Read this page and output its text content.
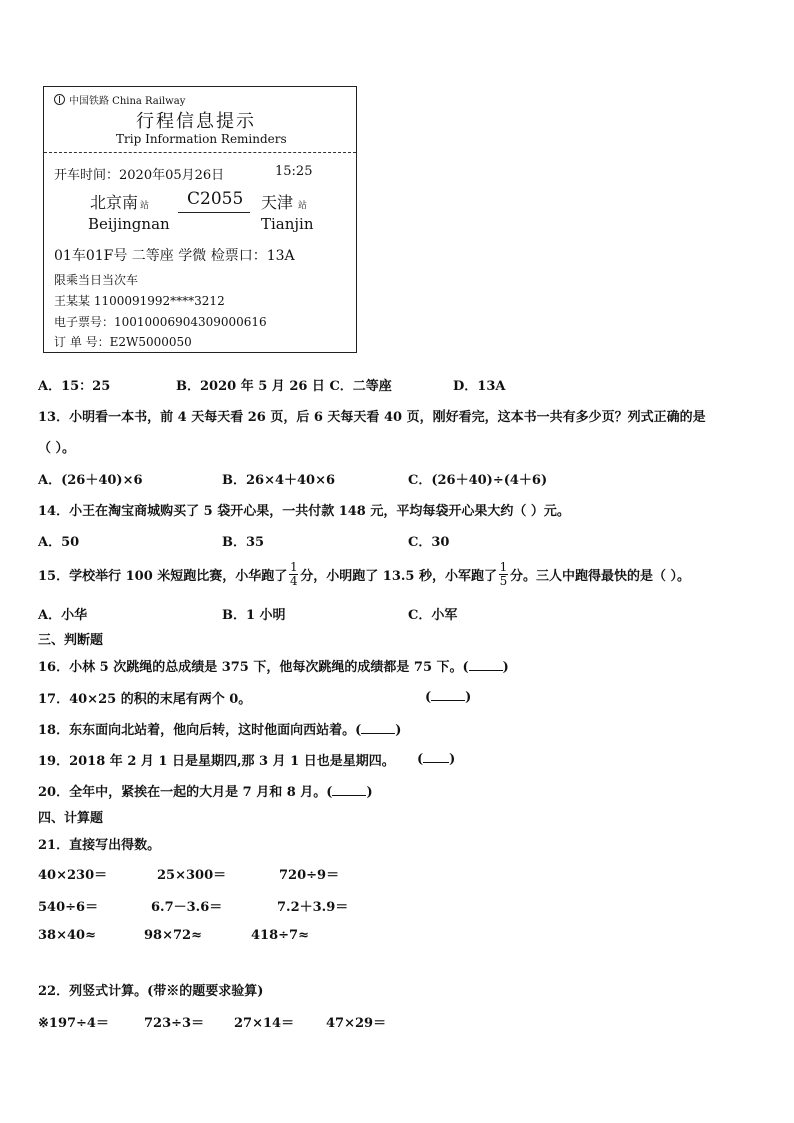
中国铁路 China Railway
行程信息提示
Trip Information Reminders
开车时间：2020年05月26日	15:25
北京南 站
Beijingnan
C2055 天津 站
Tianjin
01车01F号 二等座 学微 检票口：13A
限乘当日当次车
王某某 1100091992****3212
电子票号：10010006904309000616
订 单 号：E2W5000050
A．15：25	B．2020 年 5 月 26 日 C．二等座	D．13A
13．小明看一本书，前 4 天每天看 26 页，后 6 天每天看 40 页，刚好看完，这本书一共有多少页？列式正确的是
（ ）。
A．(26＋40)×6	B．26×4＋40×6	C．(26＋40)÷(4＋6)
14．小王在淘宝商城购买了 5 袋开心果，一共付款 148 元，平均每袋开心果大约（ ）元。
A．50	B．35	C．30
15．学校举行 100 米短跑比赛，小华跑了 $\frac{1}{4}$ 分，小明跑了 13.5 秒，小军跑了 $\frac{1}{5}$ 分。三人中跑得最快的是（ ）。
A．小华	B．1 小明	C．小军
三、判断题
16．小林 5 次跳绳的总成绩是 375 下，他每次跳绳的成绩都是 75 下。(	)
17．40×25 的积的末尾有两个 0。	(	)
18．东东面向北站着，他向后转，这时他面向西站着。(	)
19．2018 年 2 月 1 日是星期四,那 3 月 1 日也是星期四。 ( )
20．全年中，紧挨在一起的大月是 7 月和 8 月。(	)
四、计算题
21．直接写出得数。
40×230＝	25×300＝	720÷9＝
540÷6＝	6.7－3.6＝	7.2＋3.9＝
38×40≈	98×72≈	418÷7≈
22．列竖式计算。(带※的题要求验算)
※197÷4＝	723÷3＝ 27×14＝ 47×29＝
